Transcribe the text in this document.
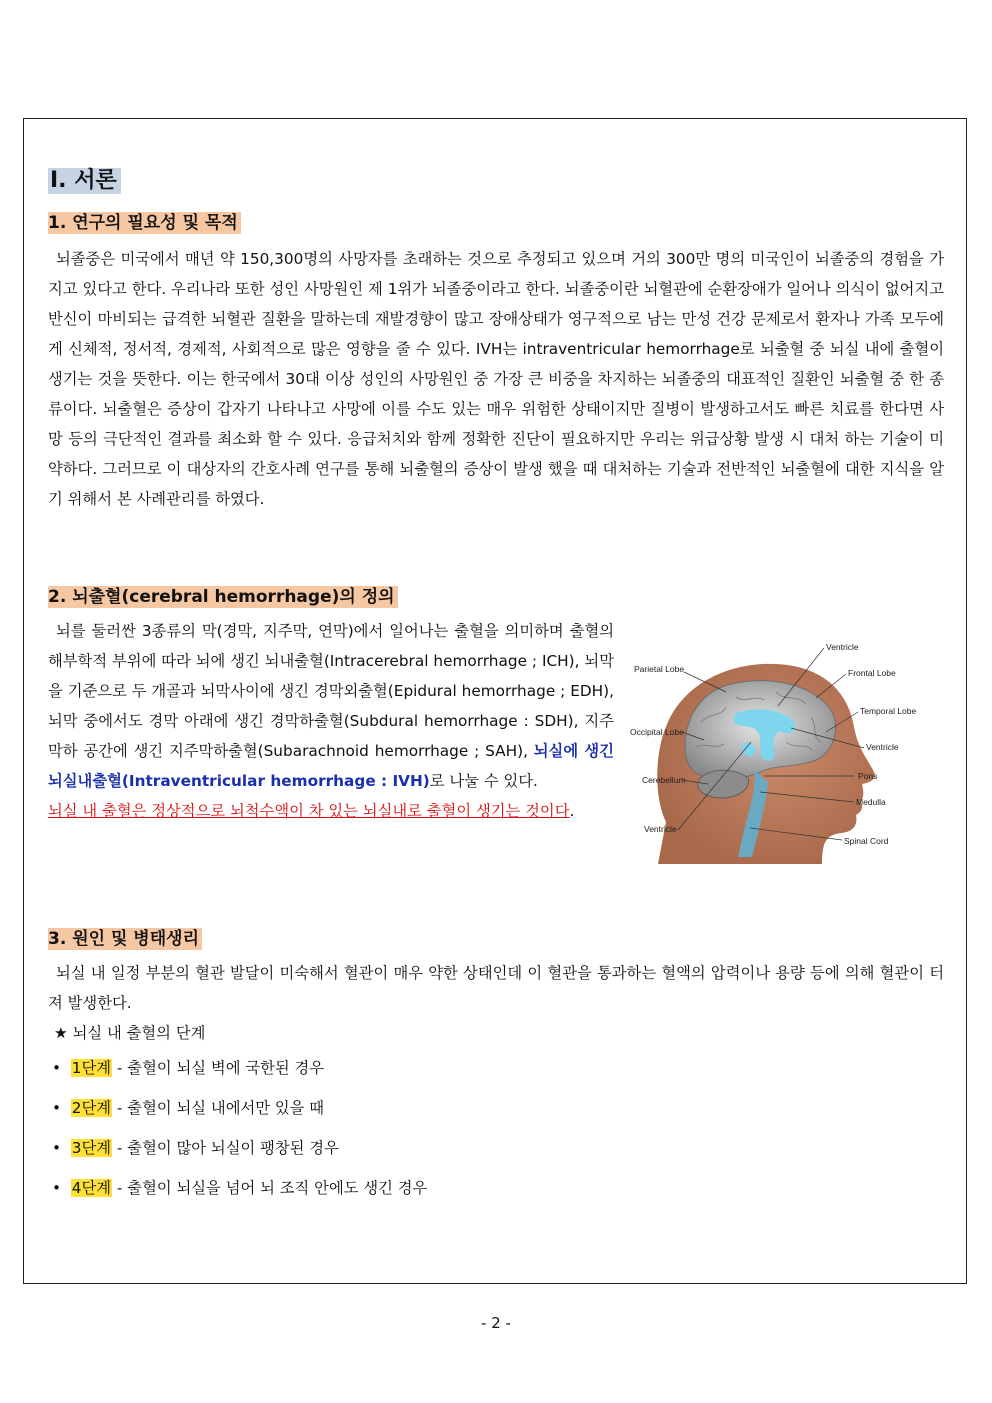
Ⅰ. 서론
1. 연구의 필요성 및 목적

뇌졸중은 미국에서 매년 약 150,300명의 사망자를 초래하는 것으로 추정되고 있으며 거의 300만 명의 미국인이 뇌졸중의 경험을 가지고 있다고 한다. 우리나라 또한 성인 사망원인 제 1위가 뇌졸중이라고 한다. 뇌졸중이란 뇌혈관에 순환장애가 일어나 의식이 없어지고 반신이 마비되는 급격한 뇌혈관 질환을 말하는데 재발경향이 많고 장애상태가 영구적으로 남는 만성 건강 문제로서 환자나 가족 모두에게 신체적, 정서적, 경제적, 사회적으로 많은 영향을 줄 수 있다. IVH는 intraventricular hemorrhage로 뇌출혈 중 뇌실 내에 출혈이 생기는 것을 뜻한다. 이는 한국에서 30대 이상 성인의 사망원인 중 가장 큰 비중을 차지하는 뇌졸중의 대표적인 질환인 뇌출혈 중 한 종류이다. 뇌출혈은 증상이 갑자기 나타나고 사망에 이를 수도 있는 매우 위험한 상태이지만 질병이 발생하고서도 빠른 치료를 한다면 사망 등의 극단적인 결과를 최소화 할 수 있다. 응급처치와 함께 정확한 진단이 필요하지만 우리는 위급상황 발생 시 대처 하는 기술이 미약하다. 그러므로 이 대상자의 간호사례 연구를 통해 뇌출혈의 증상이 발생 했을 때 대처하는 기술과 전반적인 뇌출혈에 대한 지식을 알기 위해서 본 사례관리를 하였다.

2. 뇌출혈(cerebral hemorrhage)의 정의

뇌를 둘러싼 3종류의 막(경막, 지주막, 연막)에서 일어나는 출혈을 의미하며 출혈의 해부학적 부위에 따라 뇌에 생긴 뇌내출혈(Intracerebral hemorrhage ; ICH), 뇌막을 기준으로 두 개골과 뇌막사이에 생긴 경막외출혈(Epidural hemorrhage ; EDH), 뇌막 중에서도 경막 아래에 생긴 경막하출혈(Subdural hemorrhage : SDH), 지주막하 공간에 생긴 지주막하출혈(Subarachnoid hemorrhage ; SAH), 뇌실에 생긴 뇌실내출혈(Intraventricular hemorrhage : IVH)로 나눌 수 있다.
뇌실 내 출혈은 정상적으로 뇌척수액이 차 있는 뇌실내로 출혈이 생기는 것이다.

Ventricle
Parietal Lobe	Frontal Lobe
Temporal Lobe
Occipital Lobe
Ventricle
Cerebellum	Pons
Medulla
Ventricle
Spinal Cord
3. 원인 및 병태생리

뇌실 내 일정 부분의 혈관 발달이 미숙해서 혈관이 매우 약한 상태인데 이 혈관을 통과하는 혈액의 압력이나 용량 등에 의해 혈관이 터져 발생한다.

★ 뇌실 내 출혈의 단계
• 1단계 - 출혈이 뇌실 벽에 국한된 경우
• 2단계 - 출혈이 뇌실 내에서만 있을 때
• 3단계 - 출혈이 많아 뇌실이 팽창된 경우
• 4단계 - 출혈이 뇌실을 넘어 뇌 조직 안에도 생긴 경우
- 2 -
